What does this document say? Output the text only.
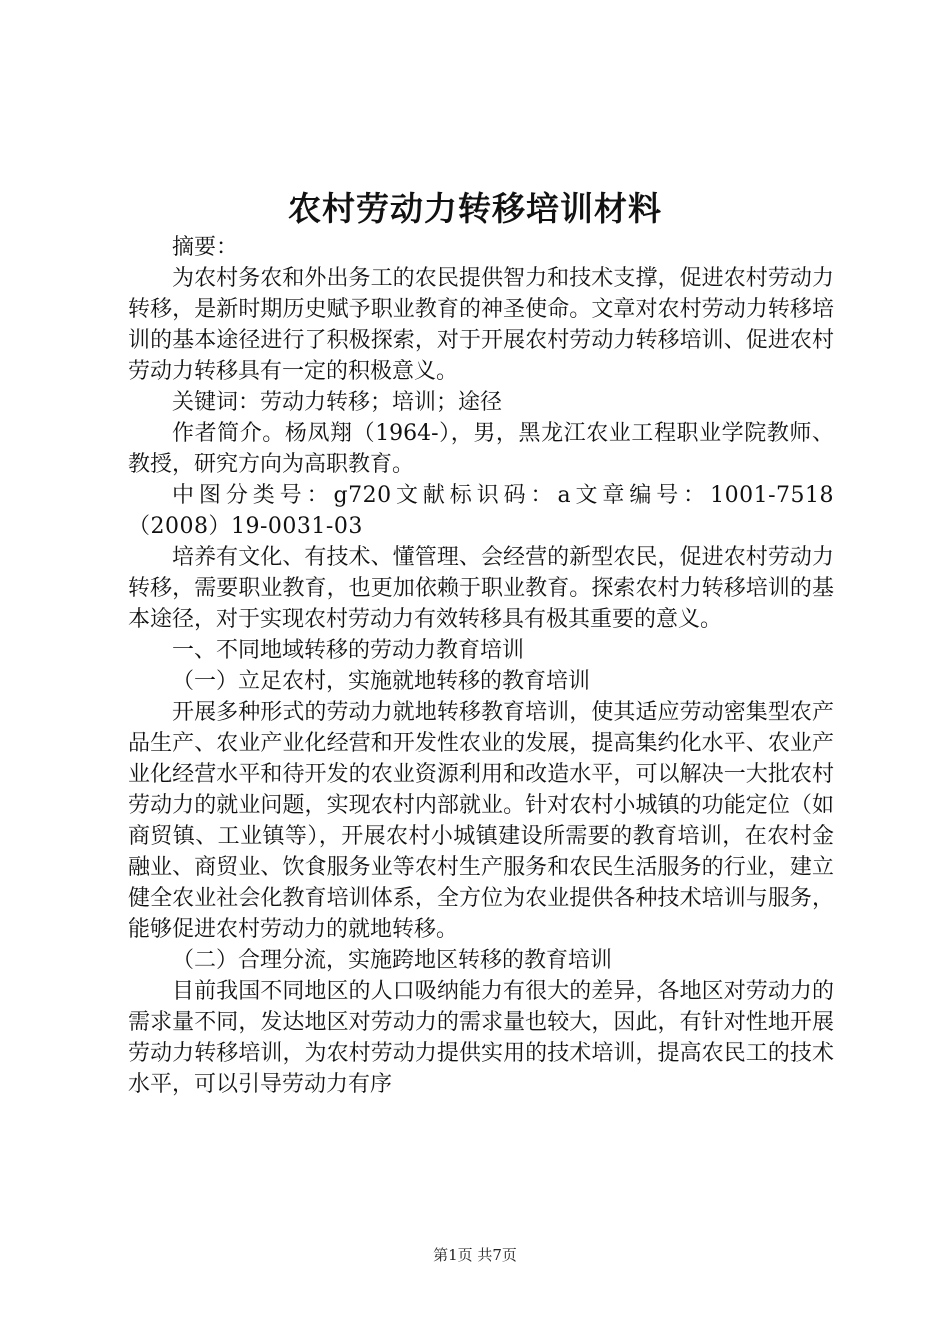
农村劳动力转移培训材料

摘要：

为农村务农和外出务工的农民提供智力和技术支撑，促进农村劳动力转移，是新时期历史赋予职业教育的神圣使命。文章对农村劳动力转移培训的基本途径进行了积极探索，对于开展农村劳动力转移培训、促进农村劳动力转移具有一定的积极意义。

关键词：劳动力转移；培训；途径

作者简介。杨凤翔（1964-），男，黑龙江农业工程职业学院教师、教授，研究方向为高职教育。

中图分类号：g720文献标识码：a文章编号：1001-7518（2008）19-0031-03

培养有文化、有技术、懂管理、会经营的新型农民，促进农村劳动力转移，需要职业教育，也更加依赖于职业教育。探索农村力转移培训的基本途径，对于实现农村劳动力有效转移具有极其重要的意义。

一、不同地域转移的劳动力教育培训

（一）立足农村，实施就地转移的教育培训

开展多种形式的劳动力就地转移教育培训，使其适应劳动密集型农产品生产、农业产业化经营和开发性农业的发展，提高集约化水平、农业产业化经营水平和待开发的农业资源利用和改造水平，可以解决一大批农村劳动力的就业问题，实现农村内部就业。针对农村小城镇的功能定位（如商贸镇、工业镇等），开展农村小城镇建设所需要的教育培训，在农村金融业、商贸业、饮食服务业等农村生产服务和农民生活服务的行业，建立健全农业社会化教育培训体系，全方位为农业提供各种技术培训与服务，能够促进农村劳动力的就地转移。

（二）合理分流，实施跨地区转移的教育培训

目前我国不同地区的人口吸纳能力有很大的差异，各地区对劳动力的需求量不同，发达地区对劳动力的需求量也较大，因此，有针对性地开展劳动力转移培训，为农村劳动力提供实用的技术培训，提高农民工的技术水平，可以引导劳动力有序

第1页 共7页
